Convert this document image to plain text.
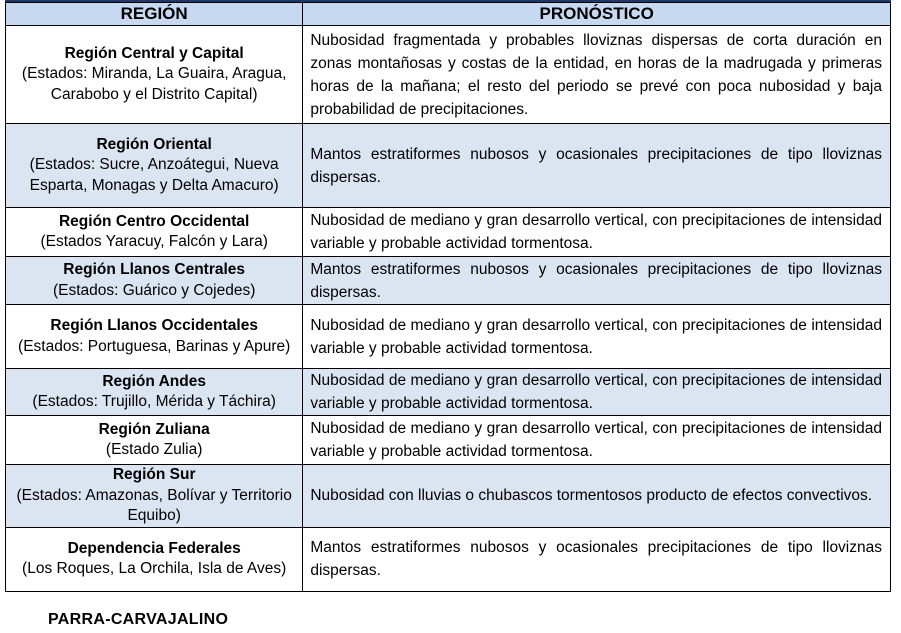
REGIÓN	PRONÓSTICO

Región Central y Capital
(Estados: Miranda, La Guaira, Aragua, Carabobo y el Distrito Capital)	Nubosidad fragmentada y probables lloviznas dispersas de corta duración en zonas montañosas y costas de la entidad, en horas de la madrugada y primeras horas de la mañana; el resto del periodo se prevé con poca nubosidad y baja probabilidad de precipitaciones.

Región Oriental
(Estados: Sucre, Anzoátegui, Nueva Esparta, Monagas y Delta Amacuro)	Mantos estratiformes nubosos y ocasionales precipitaciones de tipo lloviznas dispersas.

Región Centro Occidental
(Estados Yaracuy, Falcón y Lara)	Nubosidad de mediano y gran desarrollo vertical, con precipitaciones de intensidad variable y probable actividad tormentosa.

Región Llanos Centrales
(Estados: Guárico y Cojedes)	Mantos estratiformes nubosos y ocasionales precipitaciones de tipo lloviznas dispersas.

Región Llanos Occidentales
(Estados: Portuguesa, Barinas y Apure)	Nubosidad de mediano y gran desarrollo vertical, con precipitaciones de intensidad variable y probable actividad tormentosa.

Región Andes
(Estados: Trujillo, Mérida y Táchira)	Nubosidad de mediano y gran desarrollo vertical, con precipitaciones de intensidad variable y probable actividad tormentosa.

Región Zuliana
(Estado Zulia)	Nubosidad de mediano y gran desarrollo vertical, con precipitaciones de intensidad variable y probable actividad tormentosa.

Región Sur
(Estados: Amazonas, Bolívar y Territorio Equibo)	Nubosidad con lluvias o chubascos tormentosos producto de efectos convectivos.

Dependencia Federales
(Los Roques, La Orchila, Isla de Aves)	Mantos estratiformes nubosos y ocasionales precipitaciones de tipo lloviznas dispersas.
PARRA-CARVAJALINO
